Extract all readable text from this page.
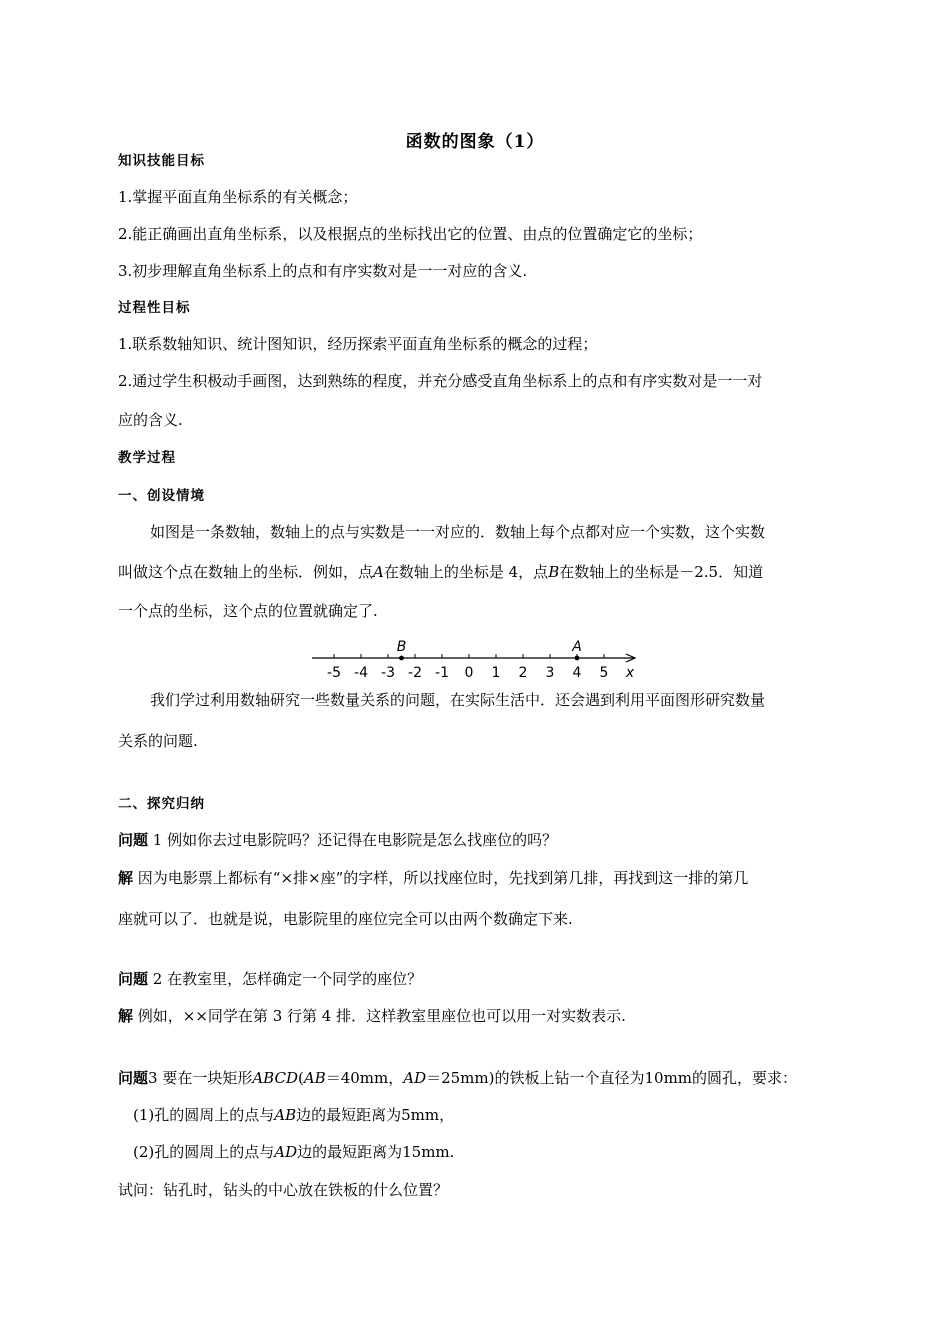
函数的图象（1）
知识技能目标
1.掌握平面直角坐标系的有关概念；
2.能正确画出直角坐标系，以及根据点的坐标找出它的位置、由点的位置确定它的坐标；
3.初步理解直角坐标系上的点和有序实数对是一一对应的含义.
过程性目标
1.联系数轴知识、统计图知识，经历探索平面直角坐标系的概念的过程；
2.通过学生积极动手画图，达到熟练的程度，并充分感受直角坐标系上的点和有序实数对是一一对
应的含义.
教学过程
一、创设情境
如图是一条数轴，数轴上的点与实数是一一对应的．数轴上每个点都对应一个实数，这个实数
叫做这个点在数轴上的坐标．例如，点A在数轴上的坐标是 4，点B在数轴上的坐标是－2.5．知道
一个点的坐标，这个点的位置就确定了.
-5 -4 -3 -2 -1 0 1 2 3 4 5 x
A
B
我们学过利用数轴研究一些数量关系的问题，在实际生活中．还会遇到利用平面图形研究数量
关系的问题.
二、探究归纳
问题 1 例如你去过电影院吗？还记得在电影院是怎么找座位的吗？
解 因为电影票上都标有“×排×座”的字样，所以找座位时，先找到第几排，再找到这一排的第几
座就可以了．也就是说，电影院里的座位完全可以由两个数确定下来.
问题 2 在教室里，怎样确定一个同学的座位？
解 例如，××同学在第 3 行第 4 排．这样教室里座位也可以用一对实数表示.
问题3 要在一块矩形ABCD(AB＝40mm，AD＝25mm)的铁板上钻一个直径为10mm的圆孔，要求：
(1)孔的圆周上的点与AB边的最短距离为5mm，
(2)孔的圆周上的点与AD边的最短距离为15mm.
试问：钻孔时，钻头的中心放在铁板的什么位置？
